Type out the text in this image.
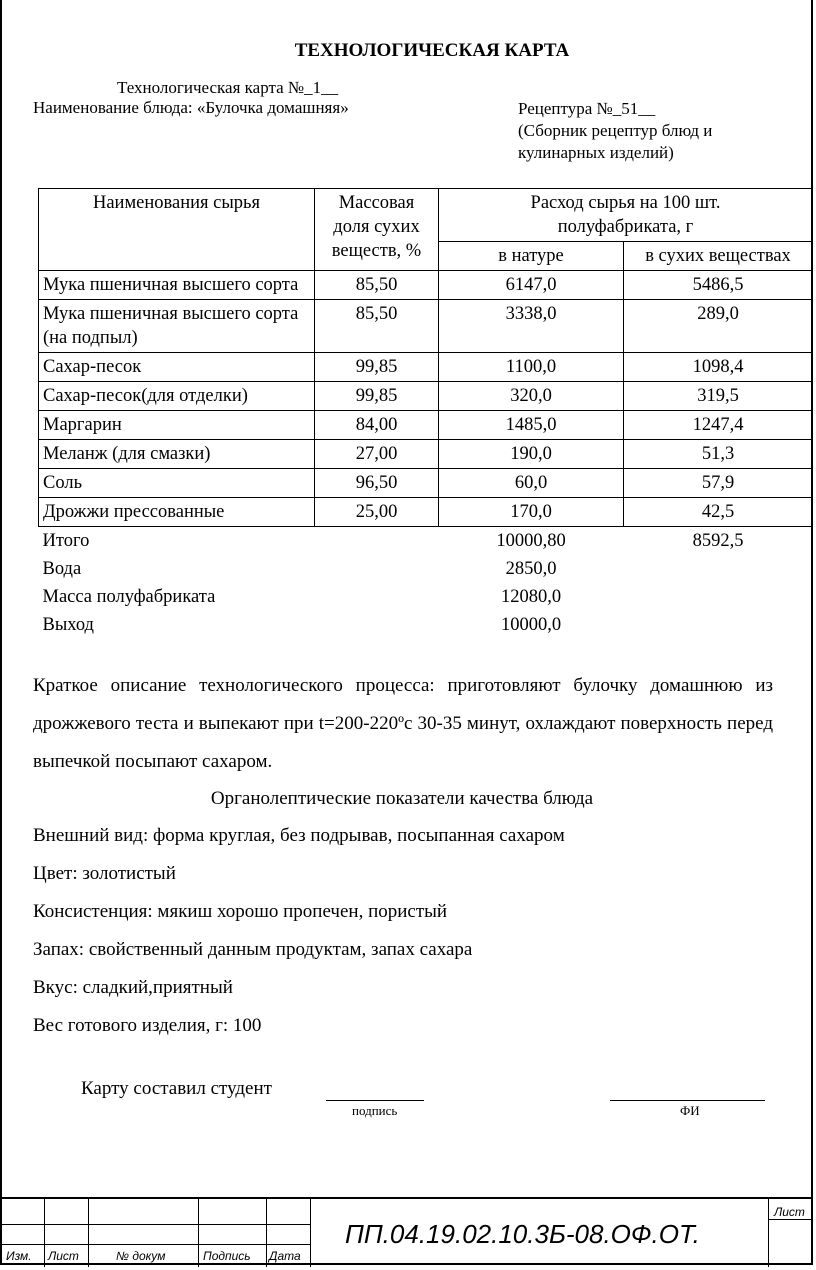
ТЕХНОЛОГИЧЕСКАЯ КАРТА
Технологическая карта №_1__
Наименование блюда: «Булочка домашняя»	Рецептура №_51__
(Сборник рецептур блюд и
кулинарных изделий)
Наименования сырья	Массовая
доля сухих
веществ, %	Расход сырья на 100 шт.
полуфабриката, г	
		в натуре	в сухих веществах
Мука пшеничная высшего сорта	85,50	6147,0	5486,5
Мука пшеничная высшего сорта (на подпыл)	85,50	3338,0	289,0
Сахар-песок	99,85	1100,0	1098,4
Сахар-песок(для отделки)	99,85	320,0	319,5
Маргарин	84,00	1485,0	1247,4
Меланж (для смазки)	27,00	190,0	51,3
Соль	96,50	60,0	57,9
Дрожжи прессованные	25,00	170,0	42,5
Итого		10000,80	8592,5
Вода		2850,0	
Масса полуфабриката		12080,0	
Выход		10000,0	
Краткое описание технологического процесса: приготовляют булочку домашнюю из дрожжевого теста и выпекают при t=200-220ºс 30-35 минут, охлаждают поверхность перед выпечкой посыпают сахаром.
Органолептические показатели качества блюда
Внешний вид: форма круглая, без подрывав, посыпанная сахаром
Цвет: золотистый
Консистенция: мякиш хорошо пропечен, пористый
Запах: свойственный данным продуктам, запах сахара
Вкус: сладкий,приятный
Вес готового изделия, г: 100
Карту составил студент
подпись	ФИ
Изм. Лист	№ докум	Подпись Дата
Лист
ПП.04.19.02.10.3Б-08.ОФ.ОТ.
